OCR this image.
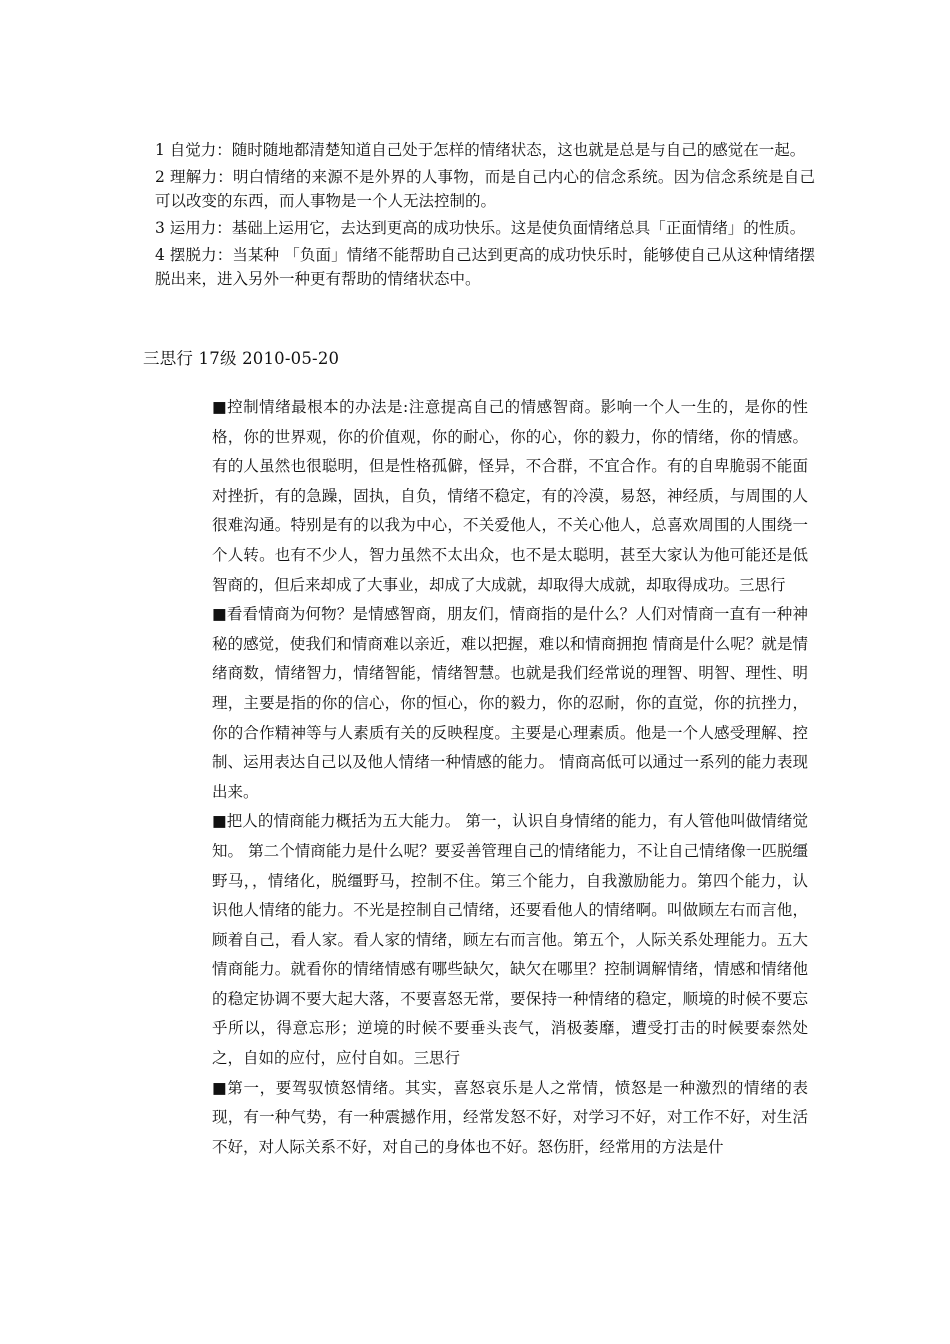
1 自觉力：随时随地都清楚知道自己处于怎样的情绪状态，这也就是总是与自己的感觉在一起。
2 理解力：明白情绪的来源不是外界的人事物，而是自己内心的信念系统。因为信念系统是自己可以改变的东西，而人事物是一个人无法控制的。
3 运用力：基础上运用它，去达到更高的成功快乐。这是使负面情绪总具「正面情绪」的性质。
4 摆脱力：当某种 「负面」情绪不能帮助自己达到更高的成功快乐时，能够使自己从这种情绪摆脱出来，进入另外一种更有帮助的情绪状态中。
三思行 17级 2010-05-20

■控制情绪最根本的办法是:注意提高自己的情感智商。影响一个人一生的，是你的性格，你的世界观，你的价值观，你的耐心，你的心，你的毅力，你的情绪，你的情感。有的人虽然也很聪明，但是性格孤僻，怪异，不合群，不宜合作。有的自卑脆弱不能面对挫折，有的急躁，固执，自负，情绪不稳定，有的冷漠，易怒，神经质，与周围的人很难沟通。特别是有的以我为中心，不关爱他人，不关心他人，总喜欢周围的人围绕一个人转。也有不少人，智力虽然不太出众，也不是太聪明，甚至大家认为他可能还是低智商的，但后来却成了大事业，却成了大成就，却取得大成就，却取得成功。三思行

■看看情商为何物？是情感智商，朋友们，情商指的是什么？人们对情商一直有一种神秘的感觉，使我们和情商难以亲近，难以把握，难以和情商拥抱 情商是什么呢？就是情绪商数，情绪智力，情绪智能，情绪智慧。也就是我们经常说的理智、明智、理性、明理，主要是指的你的信心，你的恒心，你的毅力，你的忍耐，你的直觉，你的抗挫力，你的合作精神等与人素质有关的反映程度。主要是心理素质。他是一个人感受理解、控制、运用表达自己以及他人情绪一种情感的能力。 情商高低可以通过一系列的能力表现出来。

■把人的情商能力概括为五大能力。 第一，认识自身情绪的能力，有人管他叫做情绪觉知。 第二个情商能力是什么呢？要妥善管理自己的情绪能力，不让自己情绪像一匹脱缰野马，，情绪化，脱缰野马，控制不住。第三个能力，自我激励能力。第四个能力，认识他人情绪的能力。不光是控制自己情绪，还要看他人的情绪啊。叫做顾左右而言他，顾着自己，看人家。看人家的情绪，顾左右而言他。第五个，人际关系处理能力。五大情商能力。就看你的情绪情感有哪些缺欠，缺欠在哪里？控制调解情绪，情感和情绪他的稳定协调不要大起大落，不要喜怒无常，要保持一种情绪的稳定，顺境的时候不要忘乎所以，得意忘形；逆境的时候不要垂头丧气，消极萎靡，遭受打击的时候要泰然处之，自如的应付，应付自如。三思行

■第一，要驾驭愤怒情绪。其实，喜怒哀乐是人之常情，愤怒是一种激烈的情绪的表现，有一种气势，有一种震撼作用，经常发怒不好，对学习不好，对工作不好，对生活不好，对人际关系不好，对自己的身体也不好。怒伤肝，经常用的方法是什
